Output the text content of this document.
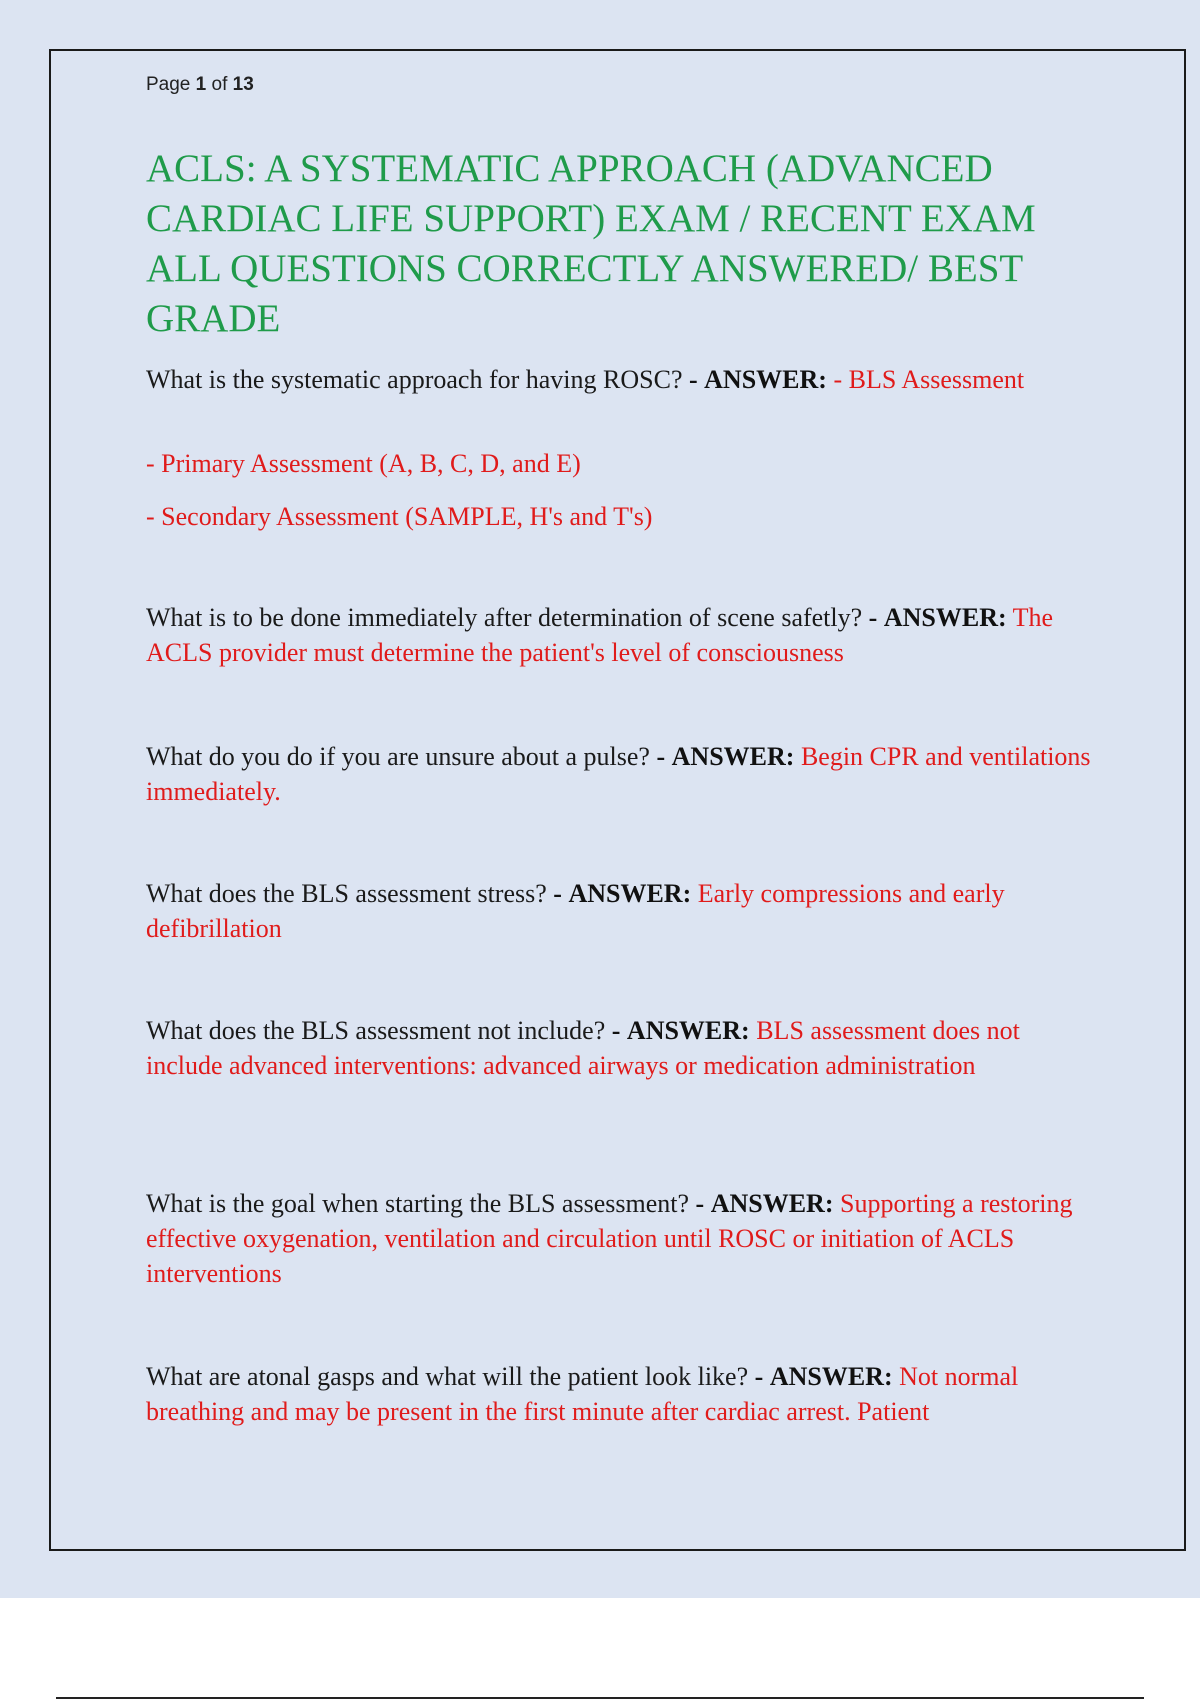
Page 1 of 13
ACLS: A SYSTEMATIC APPROACH (ADVANCED CARDIAC LIFE SUPPORT) EXAM / RECENT EXAM ALL QUESTIONS CORRECTLY ANSWERED/ BEST GRADE

What is the systematic approach for having ROSC? - ANSWER: - BLS Assessment

- Primary Assessment (A, B, C, D, and E)

- Secondary Assessment (SAMPLE, H's and T's)

What is to be done immediately after determination of scene safetly? - ANSWER: The ACLS provider must determine the patient's level of consciousness

What do you do if you are unsure about a pulse? - ANSWER: Begin CPR and ventilations immediately.

What does the BLS assessment stress? - ANSWER: Early compressions and early defibrillation

What does the BLS assessment not include? - ANSWER: BLS assessment does not include advanced interventions: advanced airways or medication administration

What is the goal when starting the BLS assessment? - ANSWER: Supporting a restoring effective oxygenation, ventilation and circulation until ROSC or initiation of ACLS interventions

What are atonal gasps and what will the patient look like? - ANSWER: Not normal breathing and may be present in the first minute after cardiac arrest. Patient
